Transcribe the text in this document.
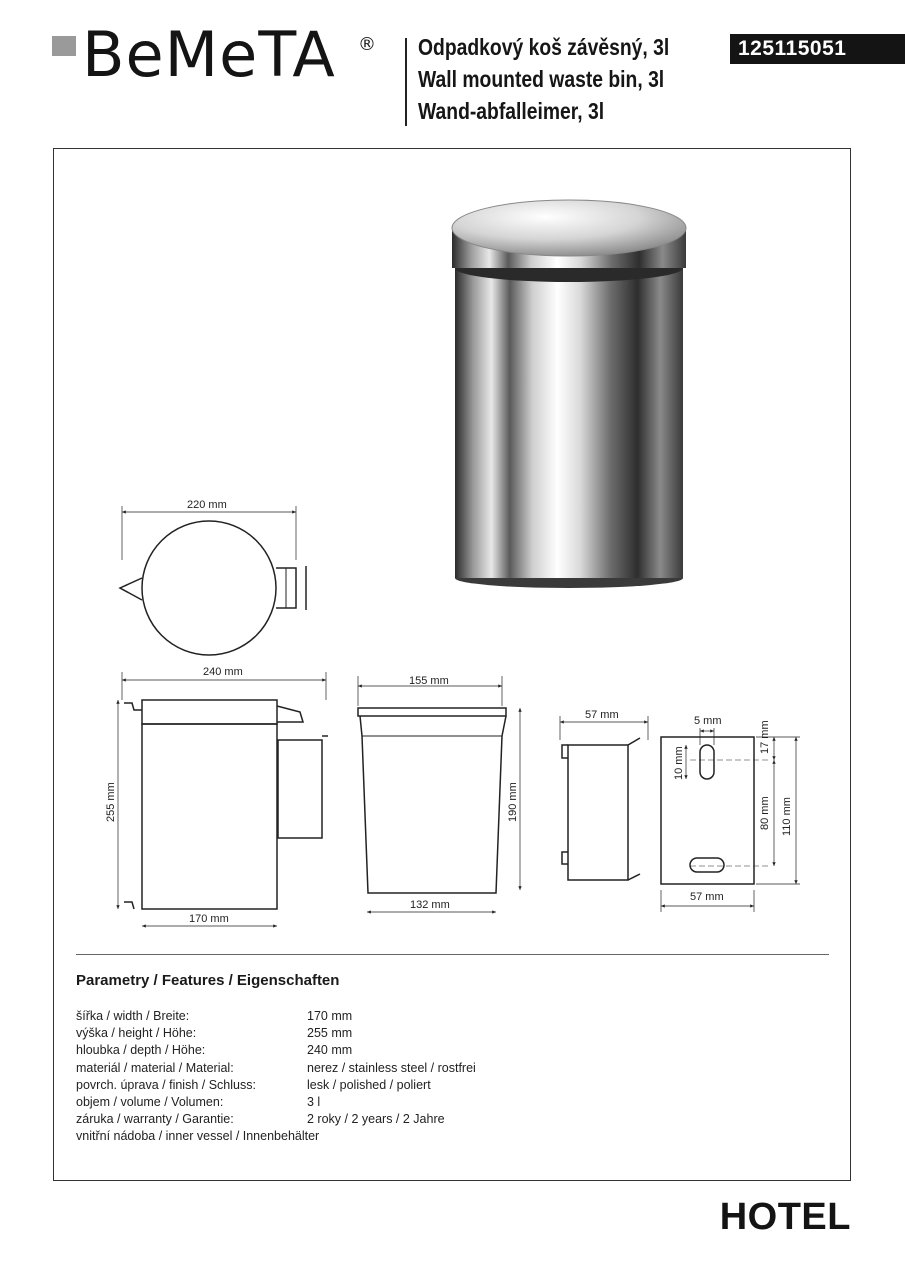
BeMeTA ® Odpadkový koš závěsný, 3l
Wall mounted waste bin, 3l
Wand-abfalleimer, 3l
125115051
220 mm
240 mm
255 mm
170 mm
155 mm
190 mm
132 mm
57 mm	5 mm	17 mm
10 mm
80 mm 110 mm
57 mm
Parametry / Features / Eigenschaften
šířka / width / Breite:	170 mm
výška / height / Höhe:	255 mm
hloubka / depth / Höhe:	240 mm
materiál / material / Material:	nerez / stainless steel / rostfrei
povrch. úprava / finish / Schluss:	lesk / polished / poliert
objem / volume / Volumen:	3 l
záruka / warranty / Garantie:	2 roky / 2 years / 2 Jahre
vnitřní nádoba / inner vessel / Innenbehälter
HOTEL
